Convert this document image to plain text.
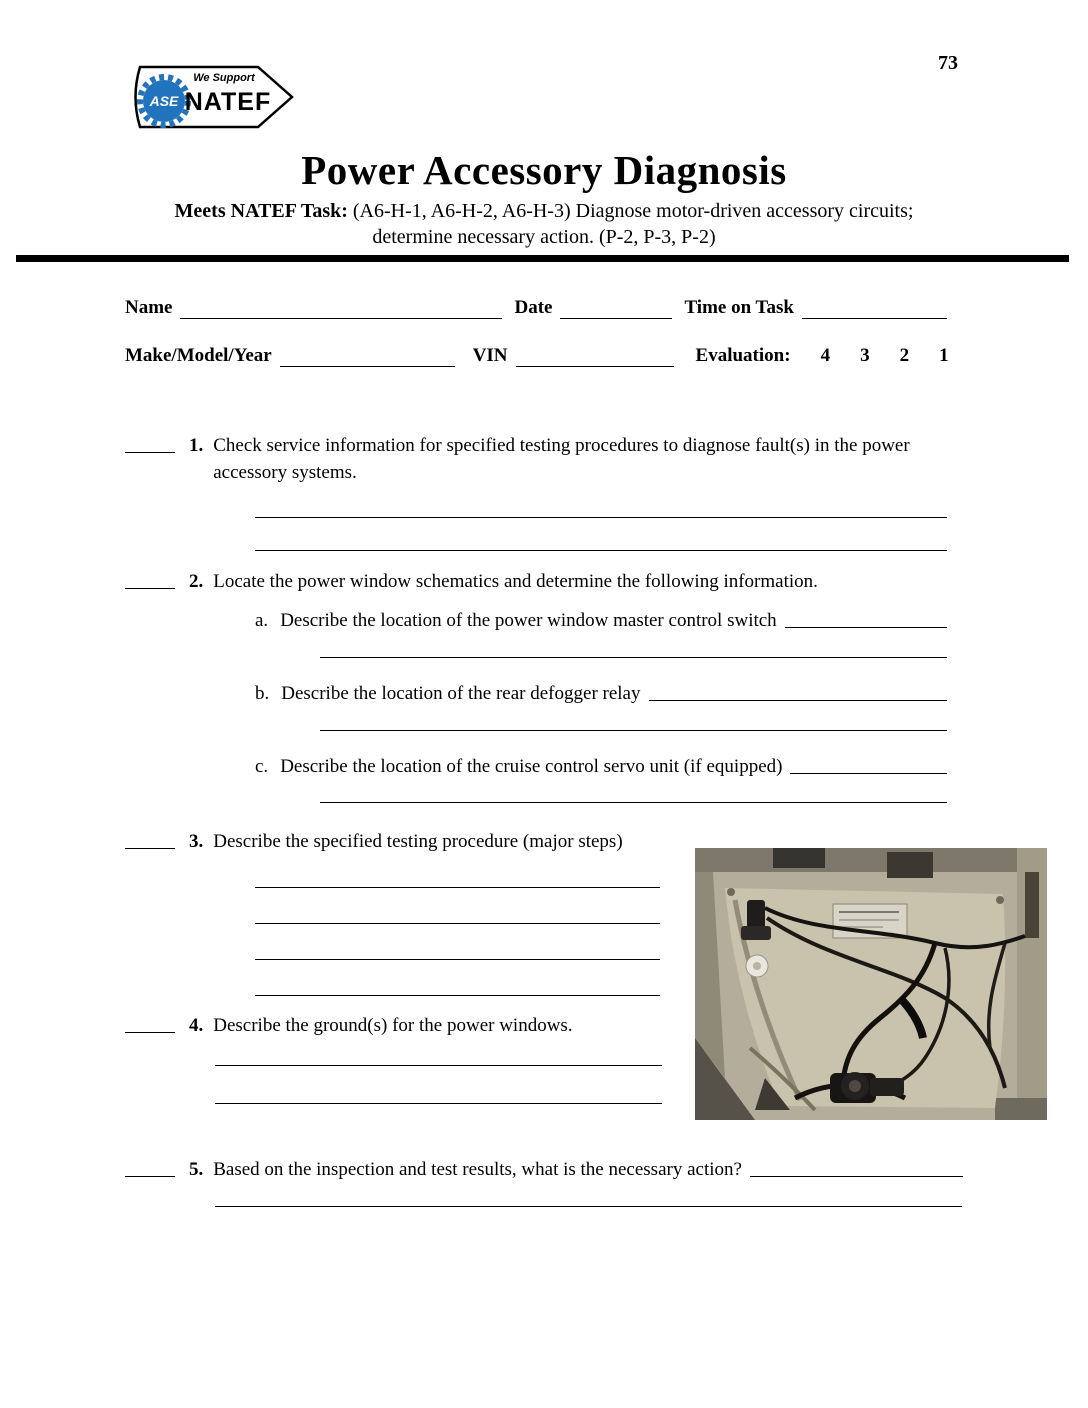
73
We Support
ASE NATEF
Power Accessory Diagnosis
Meets NATEF Task: (A6-H-1, A6-H-2, A6-H-3) Diagnose motor-driven accessory circuits;
determine necessary action. (P-2, P-3, P-2)
Name	Date	Time on Task
Make/Model/Year	VIN	Evaluation: 4 3 2 1
1. Check service information for specified testing procedures to diagnose fault(s) in the power accessory systems.
2. Locate the power window schematics and determine the following information.
a. Describe the location of the power window master control switch
b. Describe the location of the rear defogger relay
c. Describe the location of the cruise control servo unit (if equipped)
3. Describe the specified testing procedure (major steps)
4. Describe the ground(s) for the power windows.
5. Based on the inspection and test results, what is the necessary action?
